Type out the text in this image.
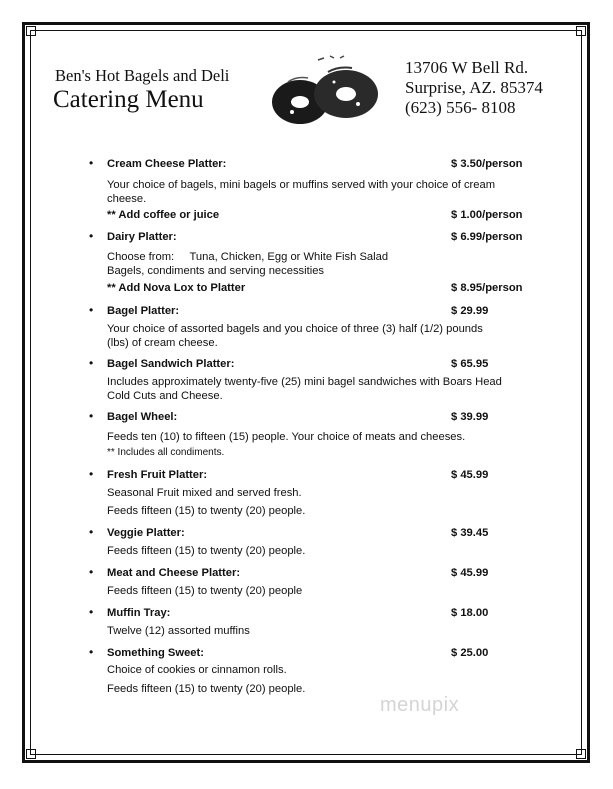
Ben's Hot Bagels and Deli
Catering Menu
13706 W Bell Rd.
Surprise, AZ. 85374
(623) 556- 8108
• Cream Cheese Platter:	$ 3.50/person
Your choice of bagels, mini bagels or muffins served with your choice of cream
cheese.
** Add coffee or juice	$ 1.00/person
• Dairy Platter:	$ 6.99/person
Choose from:     Tuna, Chicken, Egg or White Fish Salad
Bagels, condiments and serving necessities
** Add Nova Lox to Platter	$ 8.95/person
• Bagel Platter:	$ 29.99
Your choice of assorted bagels and you choice of three (3) half (1/2) pounds
(lbs) of cream cheese.
• Bagel Sandwich Platter:	$ 65.95
Includes approximately twenty-five (25) mini bagel sandwiches with Boars Head
Cold Cuts and Cheese.
• Bagel Wheel:	$ 39.99
Feeds ten (10) to fifteen (15) people. Your choice of meats and cheeses.
** Includes all condiments.
• Fresh Fruit Platter:	$ 45.99
Seasonal Fruit mixed and served fresh.
Feeds fifteen (15) to twenty (20) people.
• Veggie Platter:	$ 39.45
Feeds fifteen (15) to twenty (20) people.
• Meat and Cheese Platter:	$ 45.99
Feeds fifteen (15) to twenty (20) people
• Muffin Tray:	$ 18.00
Twelve (12) assorted muffins
• Something Sweet:	$ 25.00
Choice of cookies or cinnamon rolls.
Feeds fifteen (15) to twenty (20) people.
menupix
